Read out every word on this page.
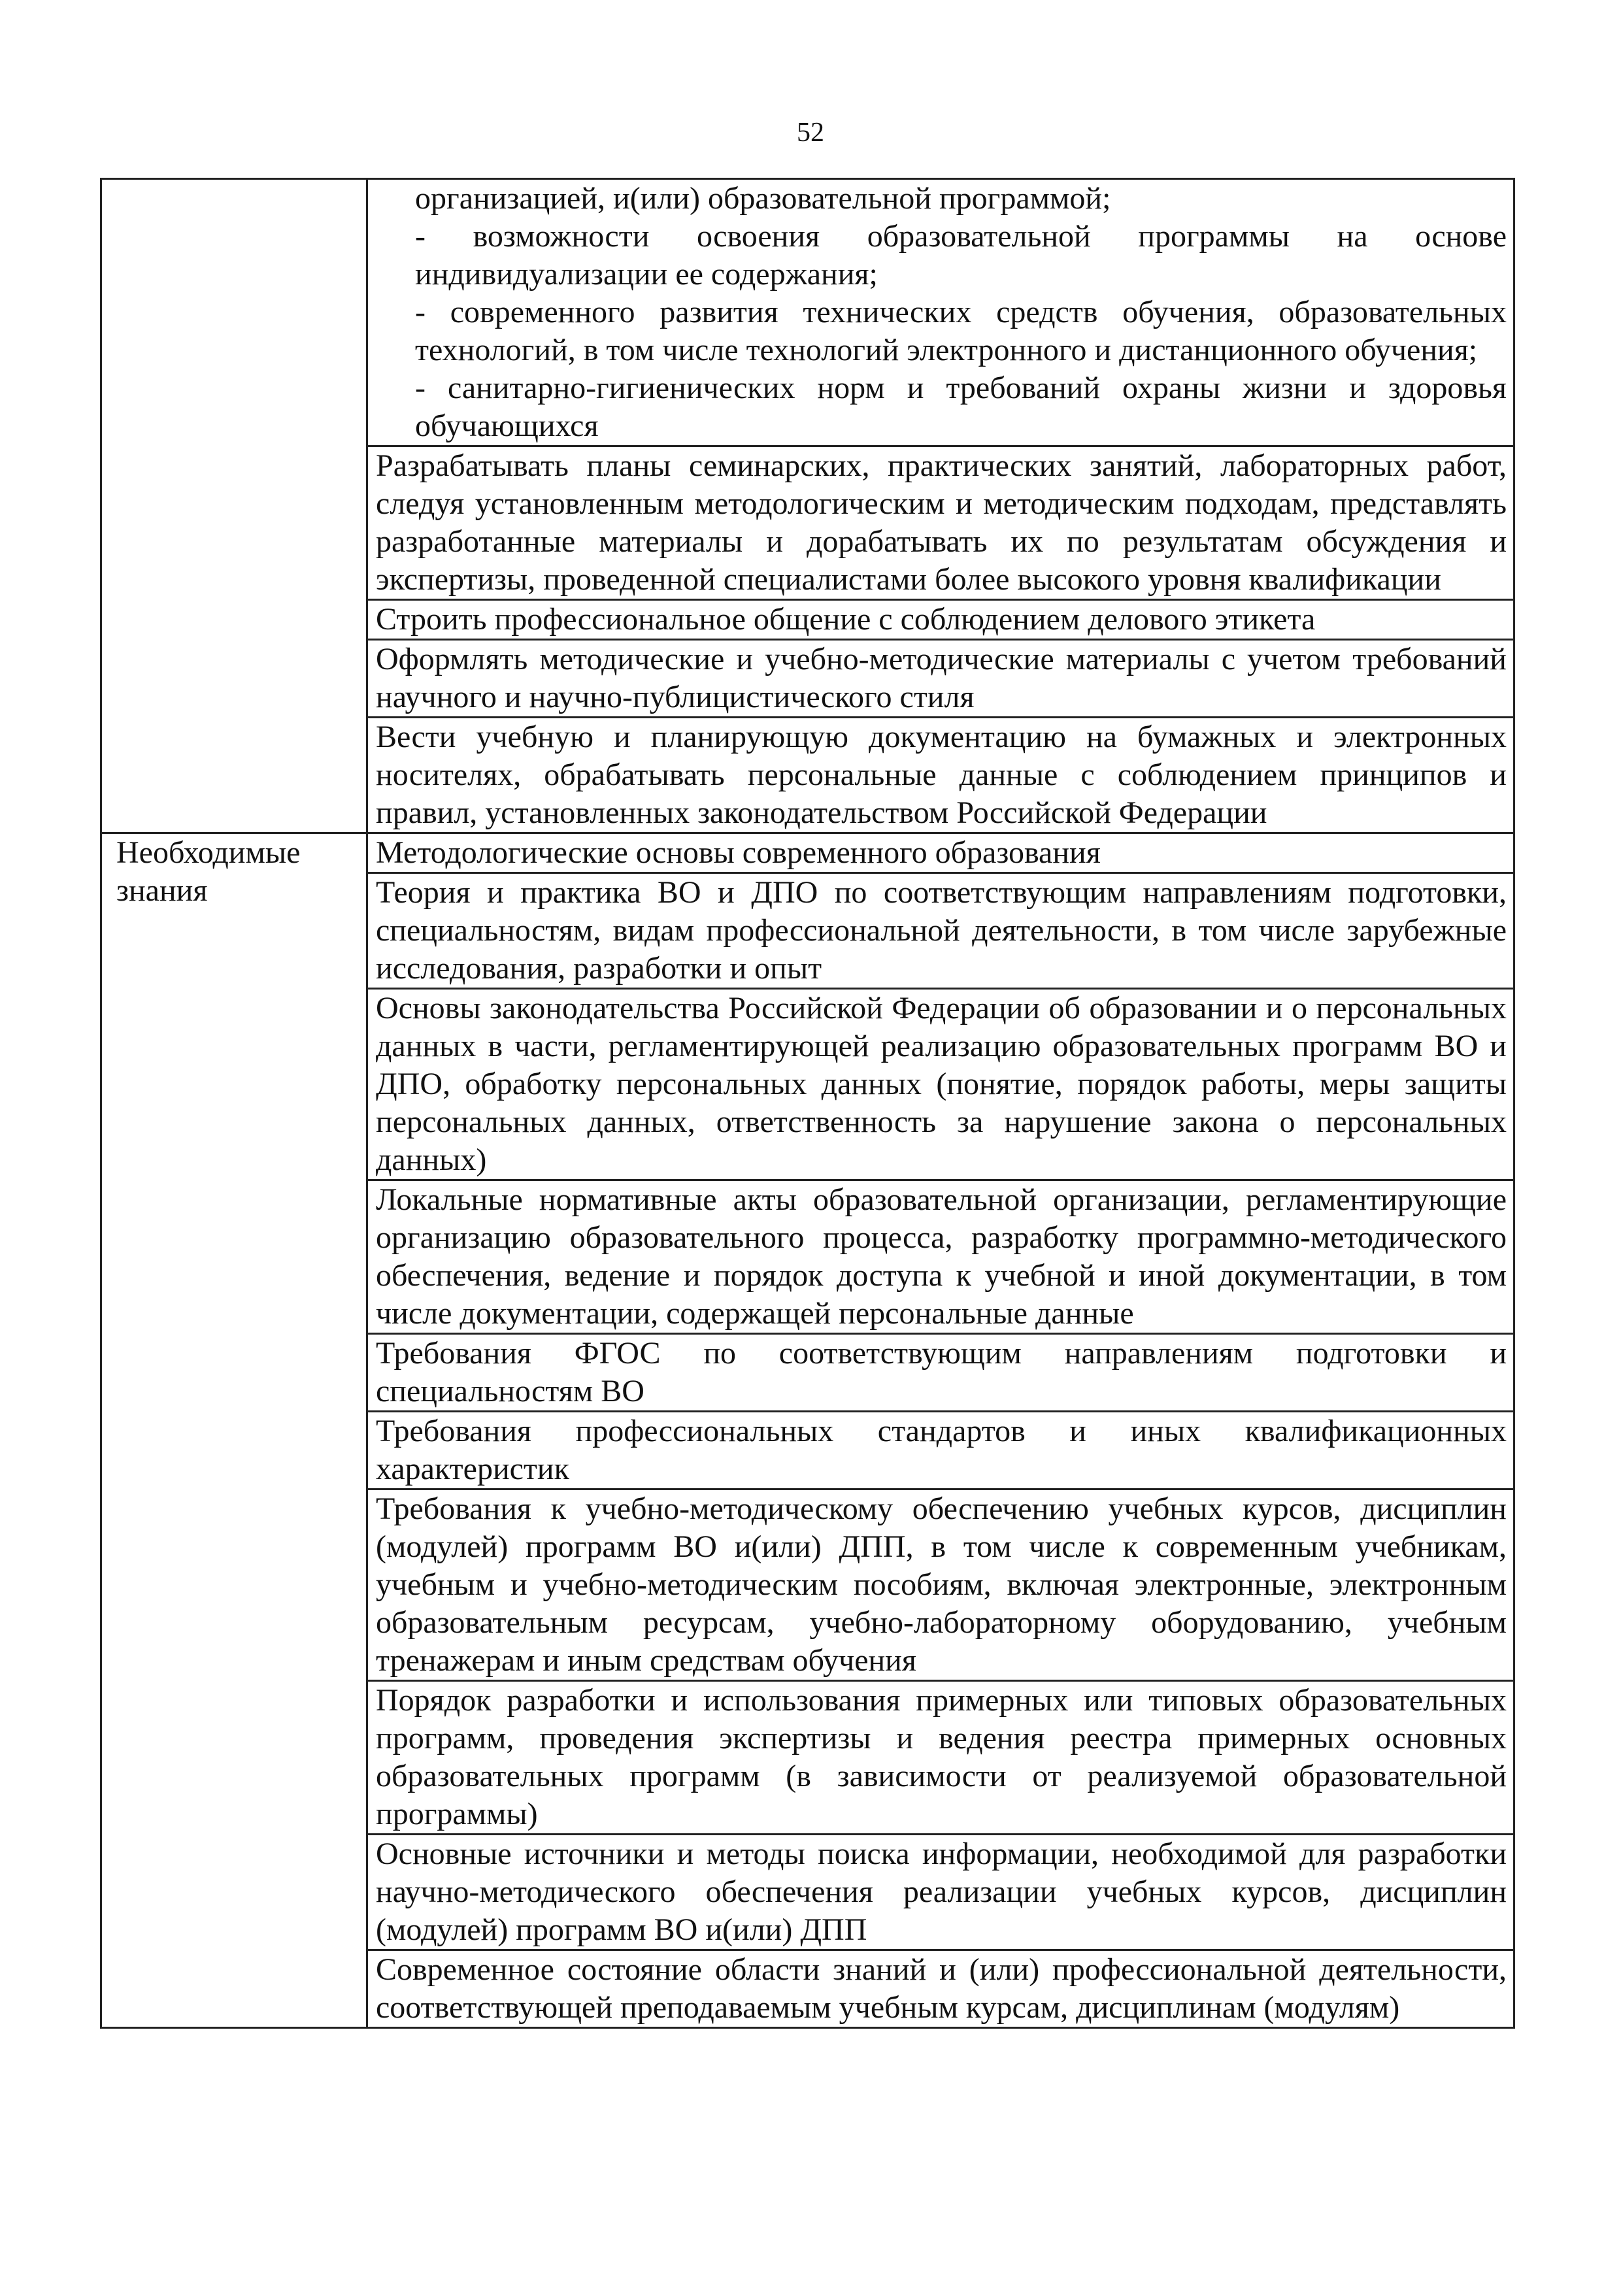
52

	организацией, и(или) образовательной программой;
- возможности освоения образовательной программы на основе индивидуализации ее содержания;
- современного развития технических средств обучения, образовательных технологий, в том числе технологий электронного и дистанционного обучения;
- санитарно-гигиенических норм и требований охраны жизни и здоровья обучающихся

	Разрабатывать планы семинарских, практических занятий, лабораторных работ, следуя установленным методологическим и методическим подходам, представлять разработанные материалы и дорабатывать их по результатам обсуждения и экспертизы, проведенной специалистами более высокого уровня квалификации
	Строить профессиональное общение с соблюдением делового этикета
	Оформлять методические и учебно-методические материалы с учетом требований научного и научно-публицистического стиля
	Вести учебную и планирующую документацию на бумажных и электронных носителях, обрабатывать персональные данные с соблюдением принципов и правил, установленных законодательством Российской Федерации
Необходимые знания	Методологические основы современного образования
	Теория и практика ВО и ДПО по соответствующим направлениям подготовки, специальностям, видам профессиональной деятельности, в том числе зарубежные исследования, разработки и опыт
	Основы законодательства Российской Федерации об образовании и о персональных данных в части, регламентирующей реализацию образовательных программ ВО и ДПО, обработку персональных данных (понятие, порядок работы, меры защиты персональных данных, ответственность за нарушение закона о персональных данных)
	Локальные нормативные акты образовательной организации, регламентирующие организацию образовательного процесса, разработку программно-методического обеспечения, ведение и порядок доступа к учебной и иной документации, в том числе документации, содержащей персональные данные
	Требования ФГОС по соответствующим направлениям подготовки и специальностям ВО
	Требования профессиональных стандартов и иных квалификационных характеристик
	Требования к учебно-методическому обеспечению учебных курсов, дисциплин (модулей) программ ВО и(или) ДПП, в том числе к современным учебникам, учебным и учебно-методическим пособиям, включая электронные, электронным образовательным ресурсам, учебно-лабораторному оборудованию, учебным тренажерам и иным средствам обучения
	Порядок разработки и использования примерных или типовых образовательных программ, проведения экспертизы и ведения реестра примерных основных образовательных программ (в зависимости от реализуемой образовательной программы)
	Основные источники и методы поиска информации, необходимой для разработки научно-методического обеспечения реализации учебных курсов, дисциплин (модулей) программ ВО и(или) ДПП
	Современное состояние области знаний и (или) профессиональной деятельности, соответствующей преподаваемым учебным курсам, дисциплинам (модулям)
